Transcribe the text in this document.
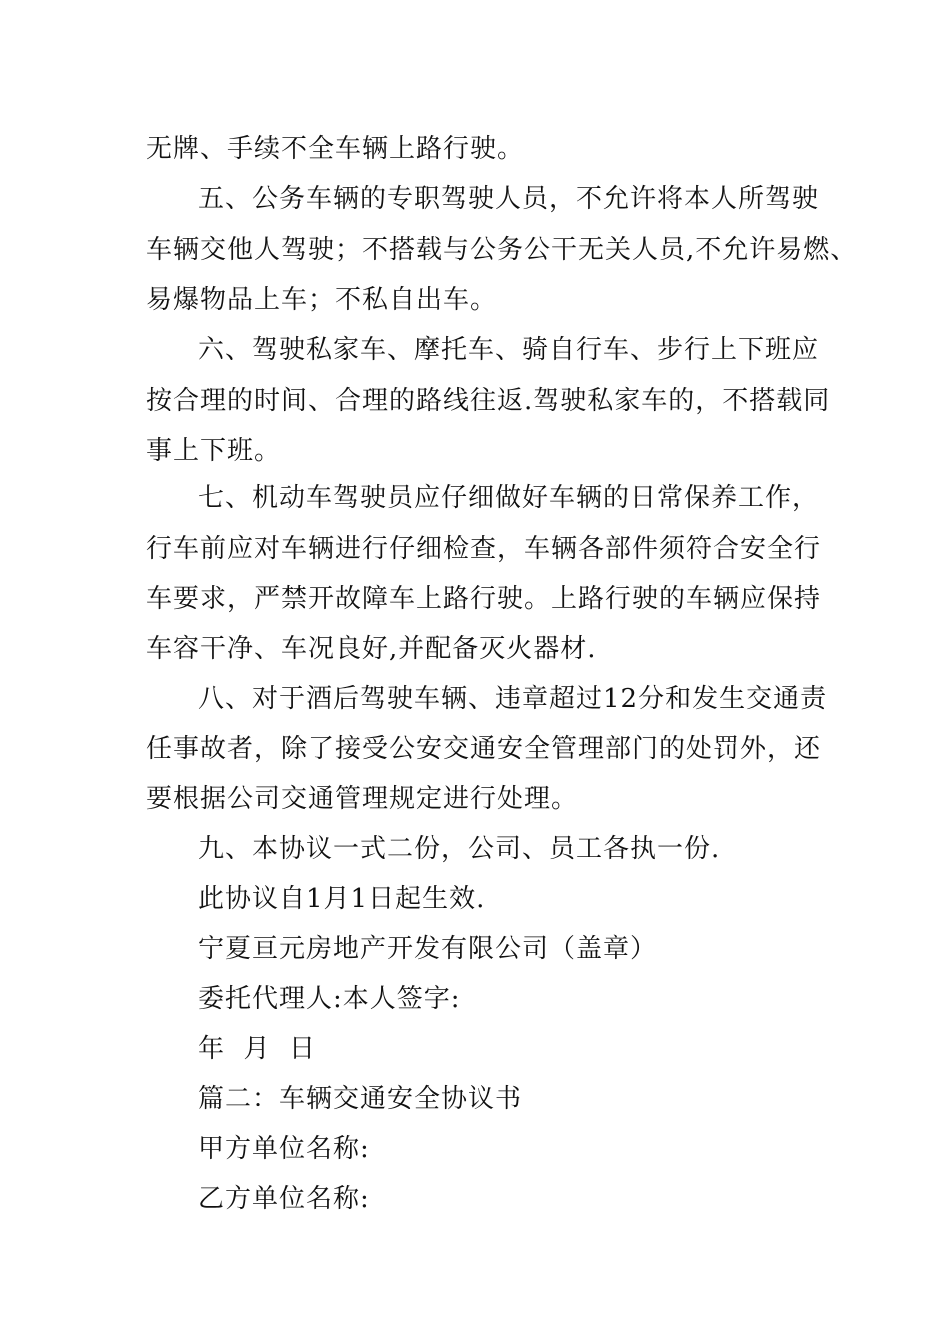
无牌、手续不全车辆上路行驶。
五、公务车辆的专职驾驶人员，不允许将本人所驾驶
车辆交他人驾驶；不搭载与公务公干无关人员,不允许易燃、
易爆物品上车；不私自出车。
六、驾驶私家车、摩托车、骑自行车、步行上下班应
按合理的时间、合理的路线往返.驾驶私家车的，不搭载同
事上下班。
七、机动车驾驶员应仔细做好车辆的日常保养工作，
行车前应对车辆进行仔细检查，车辆各部件须符合安全行
车要求，严禁开故障车上路行驶。上路行驶的车辆应保持
车容干净、车况良好,并配备灭火器材.
八、对于酒后驾驶车辆、违章超过12分和发生交通责
任事故者，除了接受公安交通安全管理部门的处罚外，还
要根据公司交通管理规定进行处理。
九、本协议一式二份，公司、员工各执一份.
此协议自1月1日起生效.
宁夏亘元房地产开发有限公司（盖章）
委托代理人:本人签字:
年  月  日
篇二：车辆交通安全协议书
甲方单位名称:
乙方单位名称:
